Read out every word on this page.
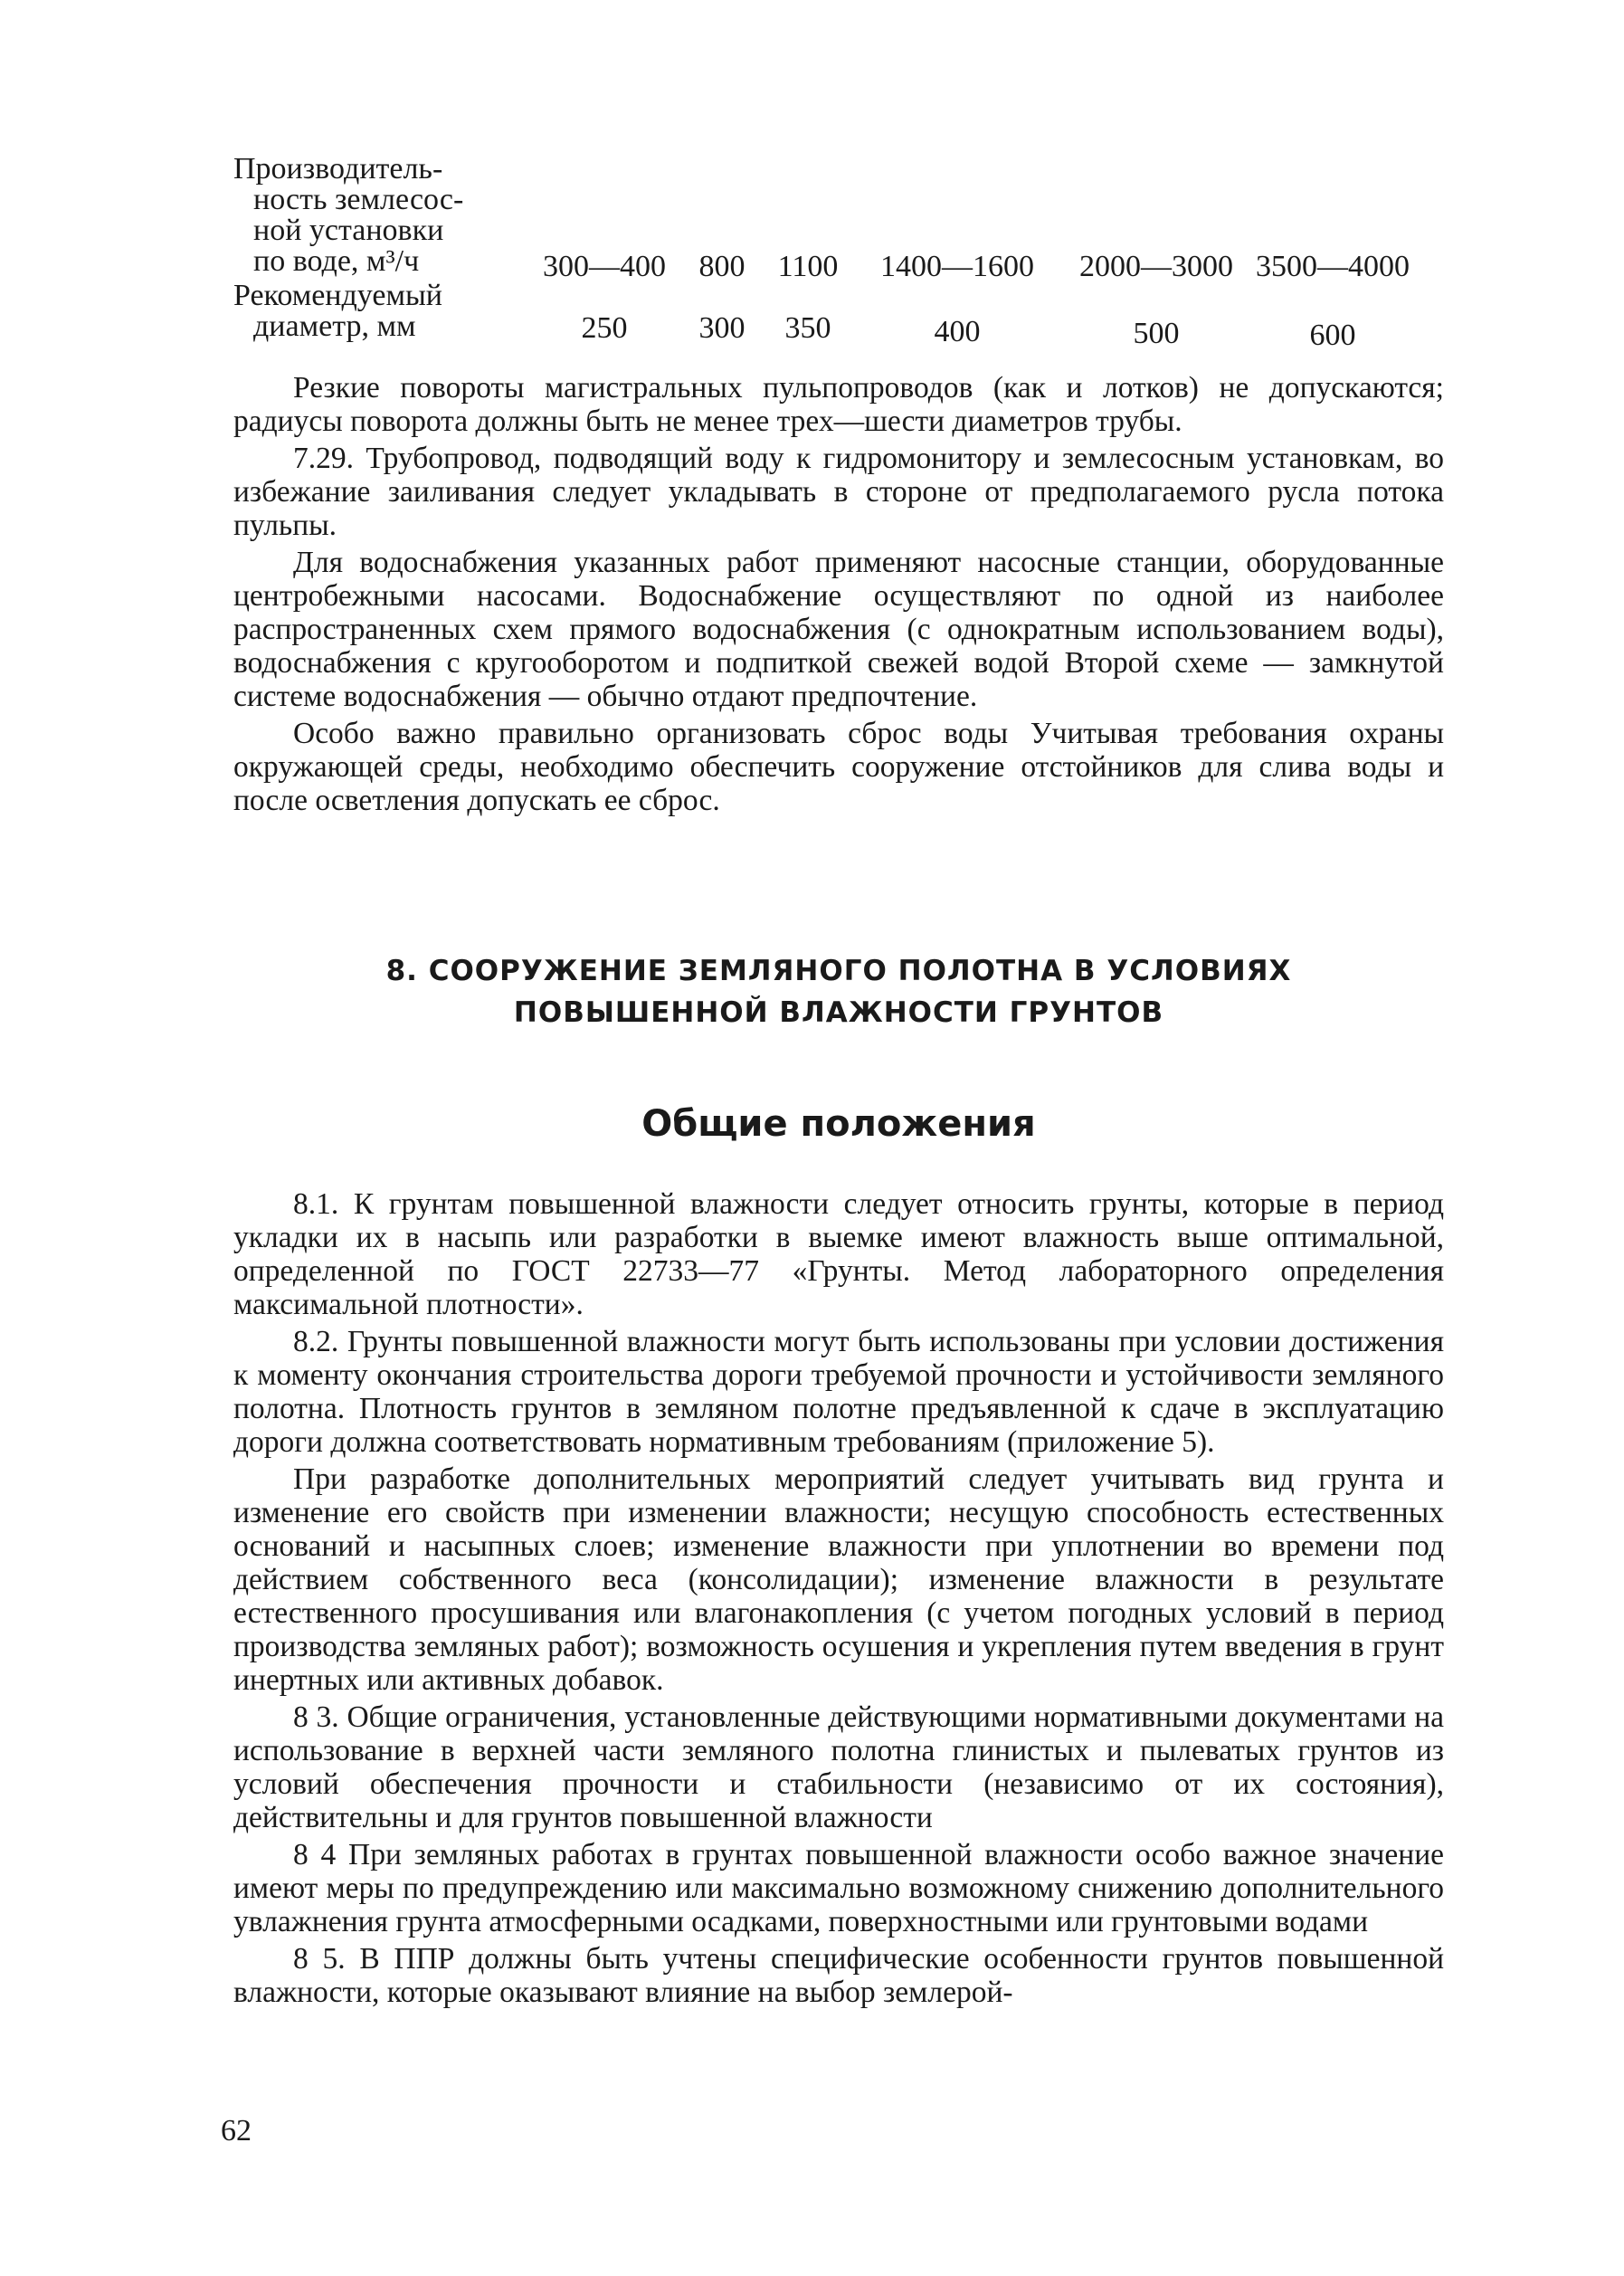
Производитель-
ность землесос-
ной установки
по воде, м³/ч	300—400	800	1100	1400—1600	2000—3000 3500—4000
Рекомендуемый
диаметр, мм	250	300	350	400	500	600

Резкие повороты магистральных пульпопроводов (как и лотков) не допускаются; радиусы поворота должны быть не менее трех—шести диаметров трубы.

7.29. Трубопровод, подводящий воду к гидромонитору и землесосным установкам, во избежание заиливания следует укладывать в стороне от предполагаемого русла потока пульпы.

Для водоснабжения указанных работ применяют насосные станции, оборудованные центробежными насосами. Водоснабжение осуществляют по одной из наиболее распространенных схем прямого водоснабжения (с однократным использованием воды), водоснабжения с кругооборотом и подпиткой свежей водой Второй схеме — замкнутой системе водоснабжения — обычно отдают предпочтение.

Особо важно правильно организовать сброс воды Учитывая требования охраны окружающей среды, необходимо обеспечить сооружение отстойников для слива воды и после осветления допускать ее сброс.

8. СООРУЖЕНИЕ ЗЕМЛЯНОГО ПОЛОТНА В УСЛОВИЯХ
ПОВЫШЕННОЙ ВЛАЖНОСТИ ГРУНТОВ
Общие положения

8.1. К грунтам повышенной влажности следует относить грунты, которые в период укладки их в насыпь или разработки в выемке имеют влажность выше оптимальной, определенной по ГОСТ 22733—77 «Грунты. Метод лабораторного определения максимальной плотности».

8.2. Грунты повышенной влажности могут быть использованы при условии достижения к моменту окончания строительства дороги требуемой прочности и устойчивости земляного полотна. Плотность грунтов в земляном полотне предъявленной к сдаче в эксплуатацию дороги должна соответствовать нормативным требованиям (приложение 5).

При разработке дополнительных мероприятий следует учитывать вид грунта и изменение его свойств при изменении влажности; несущую способность естественных оснований и насыпных слоев; изменение влажности при уплотнении во времени под действием собственного веса (консолидации); изменение влажности в результате естественного просушивания или влагонакопления (с учетом погодных условий в период производства земляных работ); возможность осушения и укрепления путем введения в грунт инертных или активных добавок.

8 3. Общие ограничения, установленные действующими нормативными документами на использование в верхней части земляного полотна глинистых и пылеватых грунтов из условий обеспечения прочности и стабильности (независимо от их состояния), действительны и для грунтов повышенной влажности

8 4 При земляных работах в грунтах повышенной влажности особо важное значение имеют меры по предупреждению или максимально возможному снижению дополнительного увлажнения грунта атмосферными осадками, поверхностными или грунтовыми водами

8 5. В ППР должны быть учтены специфические особенности грунтов повышенной влажности, которые оказывают влияние на выбор землерой-

62
